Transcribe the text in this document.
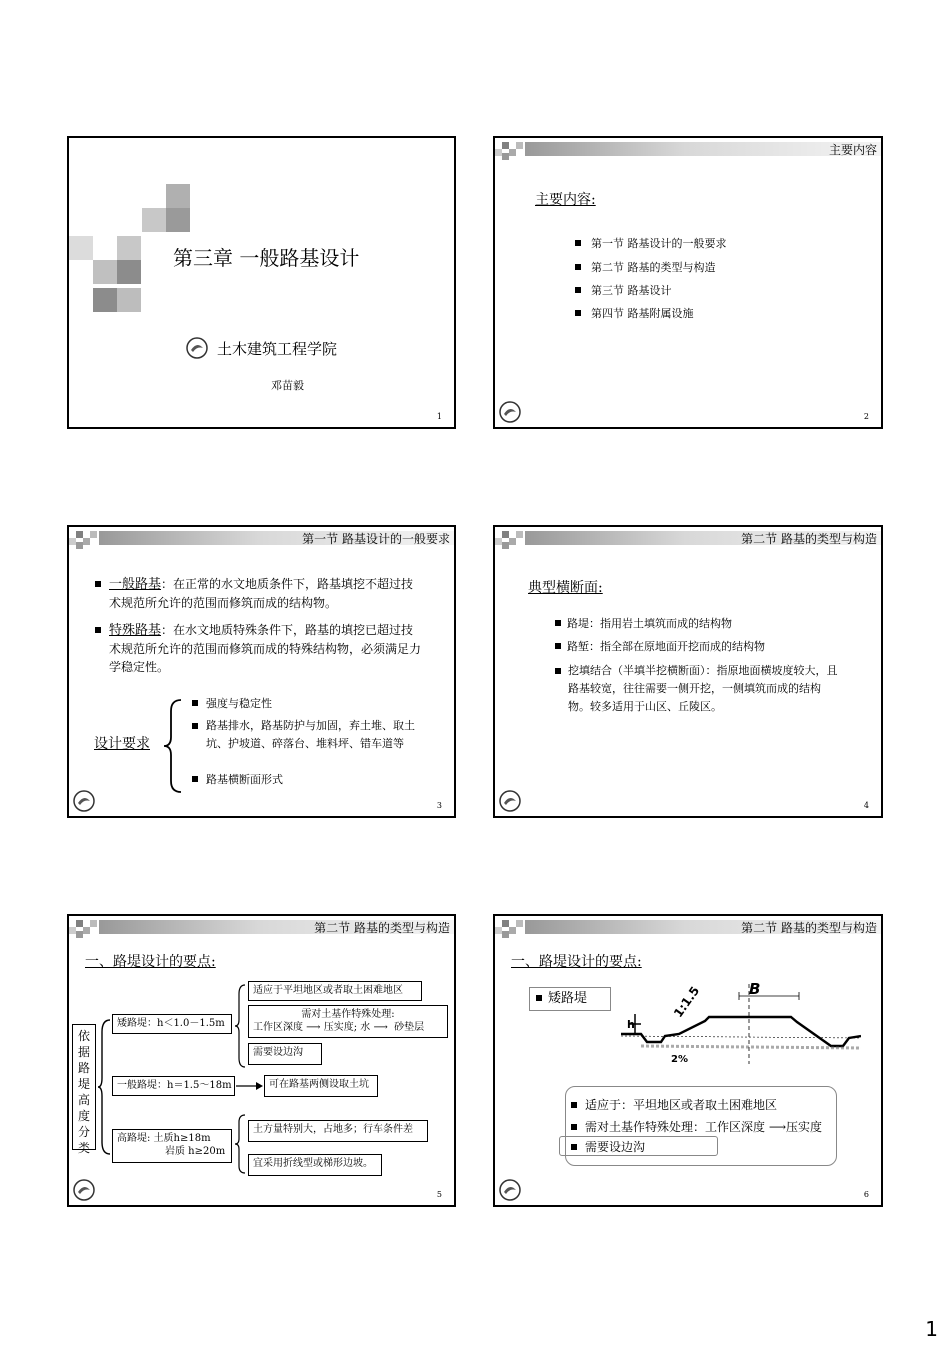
第三章 一般路基设计
土木建筑工程学院
邓苗毅
1
主要内容
主要内容:
第一节 路基设计的一般要求
第二节 路基的类型与构造
第三节 路基设计
第四节 路基附属设施
2
第一节 路基设计的一般要求
一般路基：在正常的水文地质条件下，路基填挖不超过技术规范所允许的范围而修筑而成的结构物。
特殊路基：在水文地质特殊条件下，路基的填挖已超过技术规范所允许的范围而修筑而成的特殊结构物，必须满足力学稳定性。
设计要求
强度与稳定性
路基排水，路基防护与加固，弃土堆、取土坑、护坡道、碎落台、堆料坪、错车道等
路基横断面形式
3
第二节 路基的类型与构造
典型横断面:
路堤：指用岩土填筑而成的结构物
路堑：指全部在原地面开挖而成的结构物
挖填结合（半填半挖横断面）：指原地面横坡度较大，且路基较宽，往往需要一侧开挖，一侧填筑而成的结构物。较多适用于山区、丘陵区。
4
第二节 路基的类型与构造
一、路堤设计的要点:
依据路堤高度分类
矮路堤：h＜1.0－1.5m
适应于平坦地区或者取土困难地区
需对土基作特殊处理:
工作区深度 ⟶ 压实度; 水 ⟶  砂垫层
需要设边沟
一般路堤：h＝1.5～18m	可在路基两侧设取土坑
高路堤: 土质h≥18m
岩质 h≥20m
土方量特别大，占地多；行车条件差
宜采用折线型或梯形边坡。
5
第二节 路基的类型与构造
一、路堤设计的要点:
矮路堤
B
1:1.5
h
2%
适应于：平坦地区或者取土困难地区
需对土基作特殊处理：工作区深度 ⟶压实度
需要设边沟
6
1
